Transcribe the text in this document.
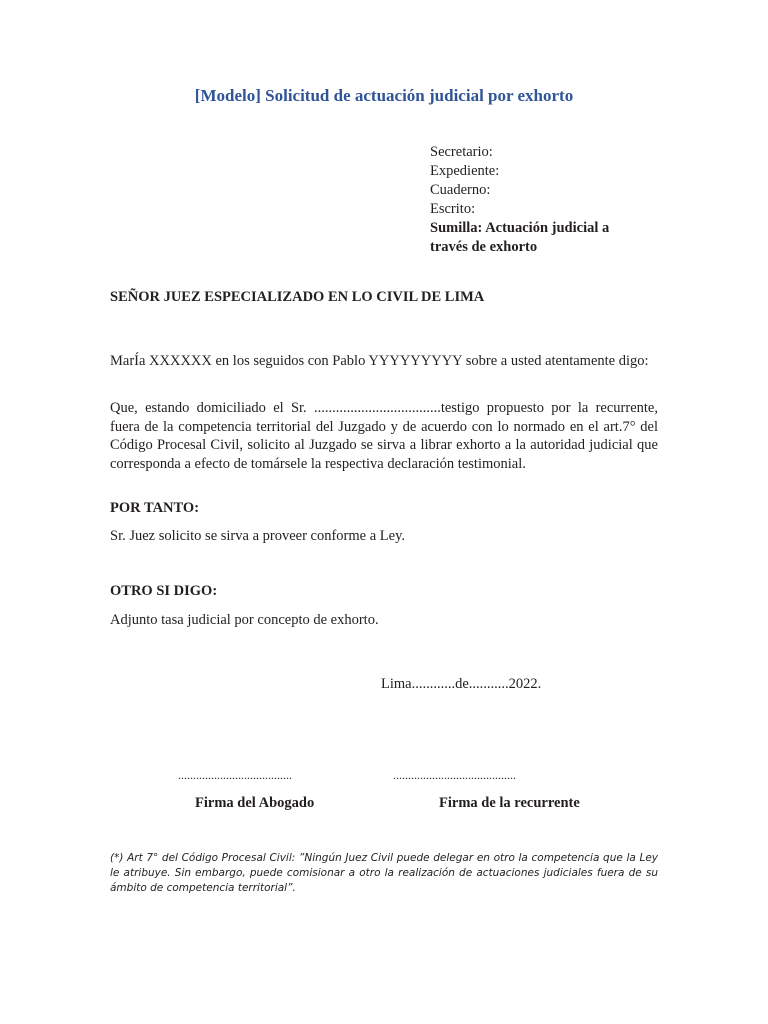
[Modelo] Solicitud de actuación judicial por exhorto
Secretario:
Expediente:
Cuaderno:
Escrito:
Sumilla: Actuación judicial a
través de exhorto
SEÑOR JUEZ ESPECIALIZADO EN LO CIVIL DE LIMA
MarÍa XXXXXX en los seguidos con Pablo YYYYYYYYY sobre a usted atentamente digo:
Que, estando domiciliado el Sr. ...................................testigo propuesto por la recurrente, fuera de la competencia territorial del Juzgado y de acuerdo con lo normado en el art.7° del Código Procesal Civil, solicito al Juzgado se sirva a librar exhorto a la autoridad judicial que corresponda a efecto de tomársele la respectiva declaración testimonial.
POR TANTO:
Sr. Juez solicito se sirva a proveer conforme a Ley.
OTRO SI DIGO:
Adjunto tasa judicial por concepto de exhorto.
Lima............de...........2022.
......................................	.........................................
Firma del Abogado	Firma de la recurrente
(*) Art 7° del Código Procesal Civil: ”Ningún Juez Civil puede delegar en otro la competencia que la Ley le atribuye. Sin embargo, puede comisionar a otro la realización de actuaciones judiciales fuera de su ámbito de competencia territorial”.
